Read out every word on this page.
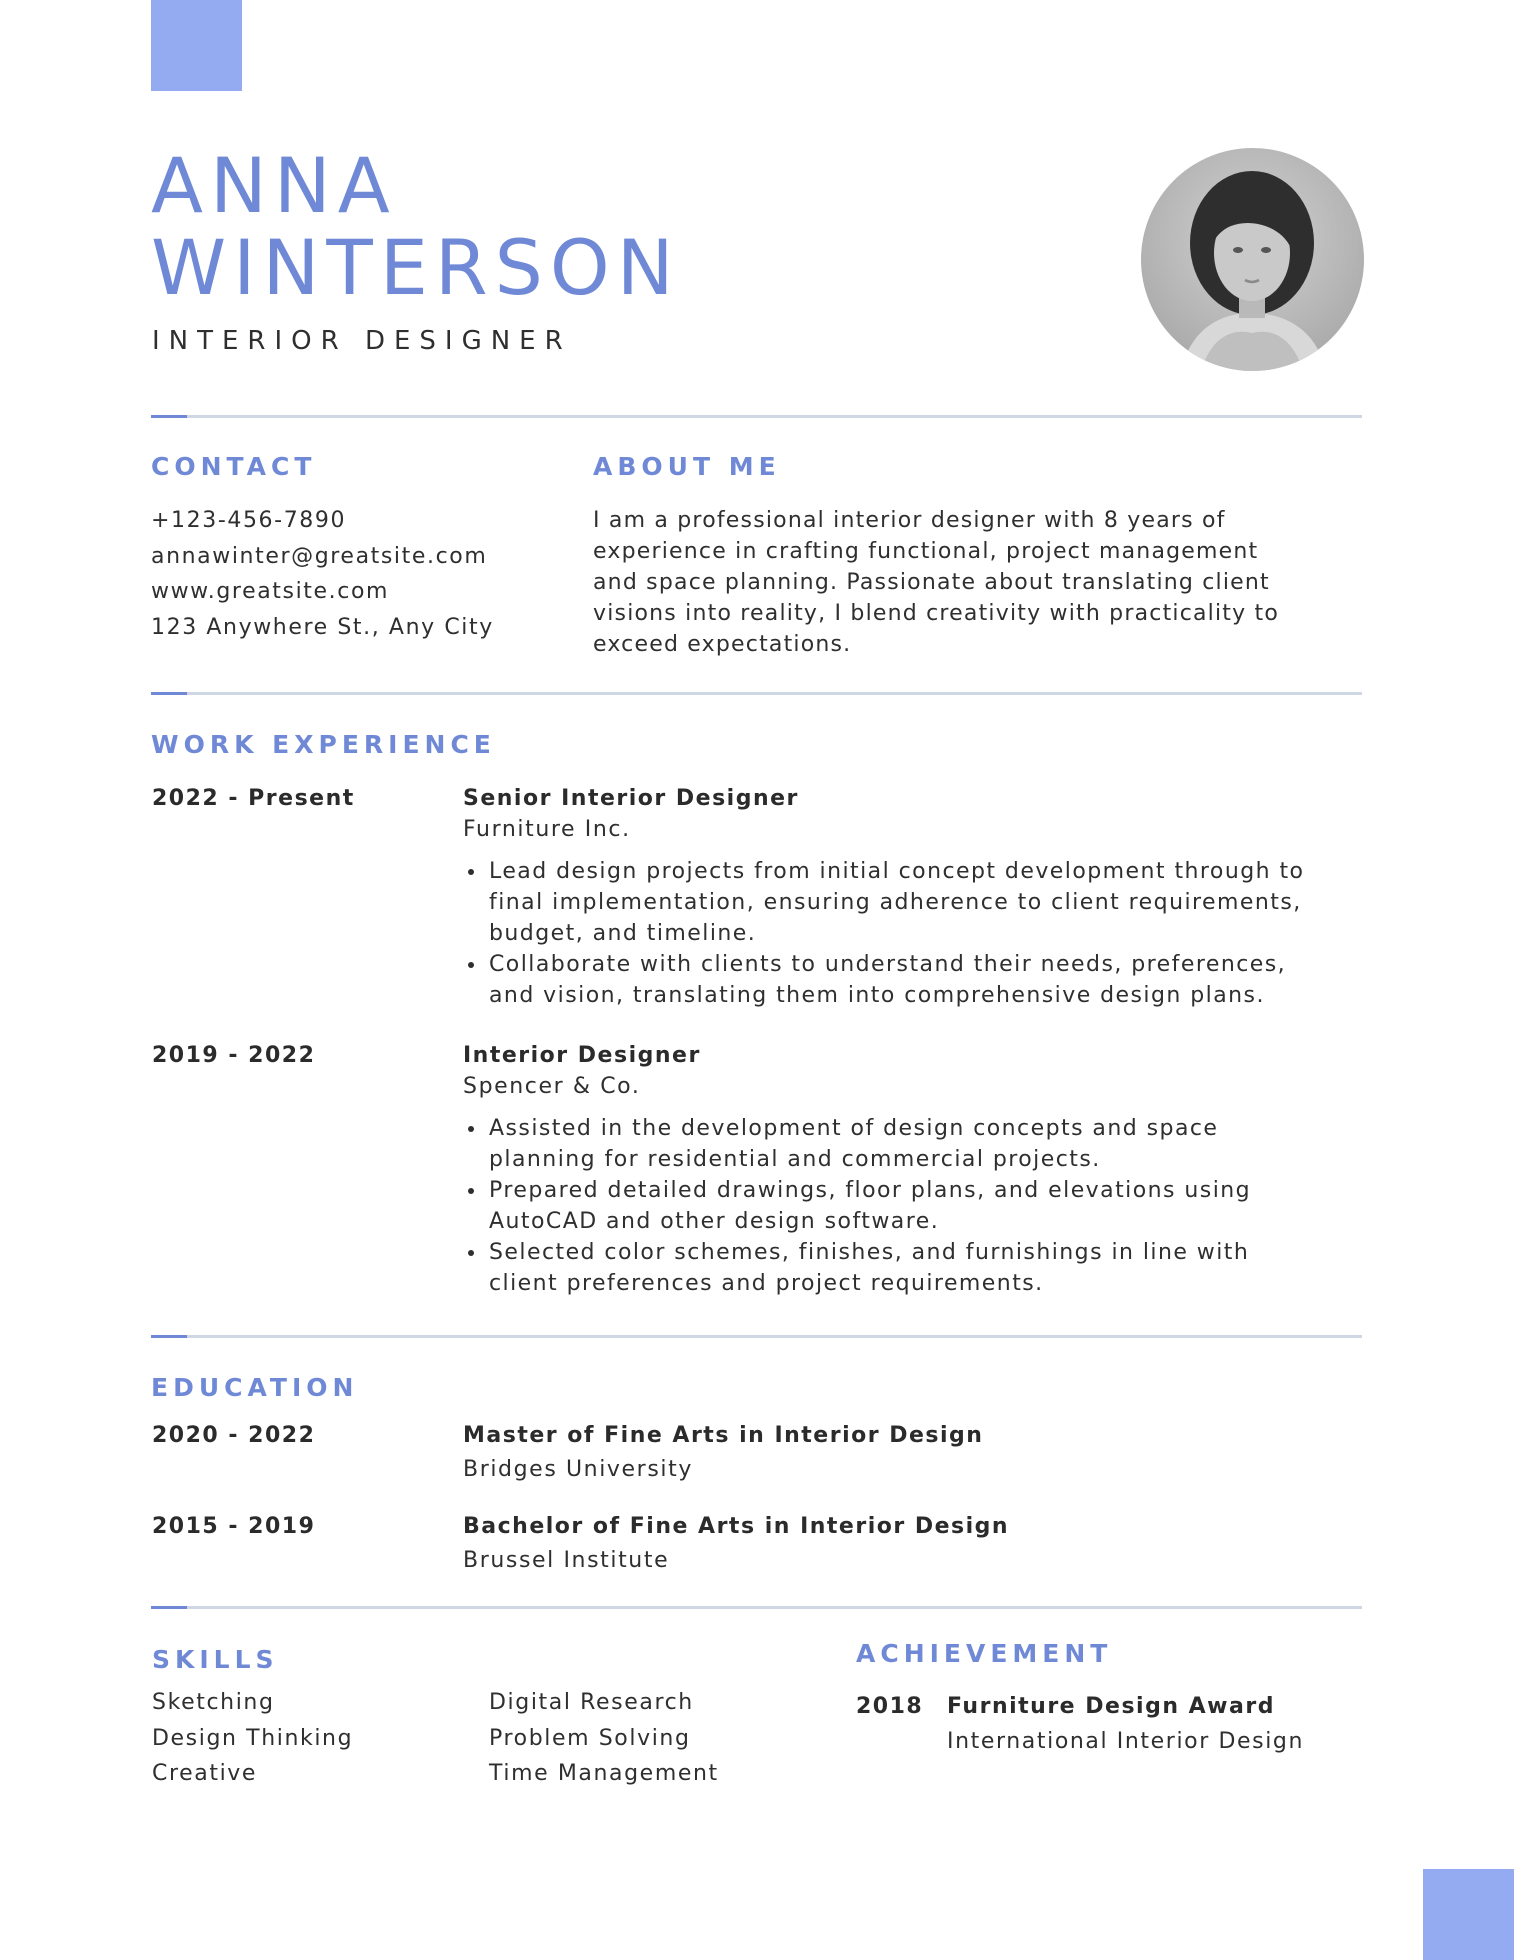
ANNA
WINTERSON
INTERIOR DESIGNER
CONTACT
+123-456-7890
annawinter@greatsite.com
www.greatsite.com
123 Anywhere St., Any City
ABOUT ME
I am a professional interior designer with 8 years of
experience in crafting functional, project management
and space planning. Passionate about translating client
visions into reality, I blend creativity with practicality to
exceed expectations.
WORK EXPERIENCE
2022 - Present	Senior Interior Designer
Furniture Inc.
Lead design projects from initial concept development through to
final implementation, ensuring adherence to client requirements,
budget, and timeline.
Collaborate with clients to understand their needs, preferences,
and vision, translating them into comprehensive design plans.
2019 - 2022	Interior Designer
Spencer & Co.
Assisted in the development of design concepts and space
planning for residential and commercial projects.
Prepared detailed drawings, floor plans, and elevations using
AutoCAD and other design software.
Selected color schemes, finishes, and furnishings in line with
client preferences and project requirements.
EDUCATION
2020 - 2022	Master of Fine Arts in Interior Design
Bridges University
2015 - 2019	Bachelor of Fine Arts in Interior Design
Brussel Institute
SKILLS
Sketching
Design Thinking
Creative
Digital Research
Problem Solving
Time Management
ACHIEVEMENT
2018 Furniture Design Award
International Interior Design
